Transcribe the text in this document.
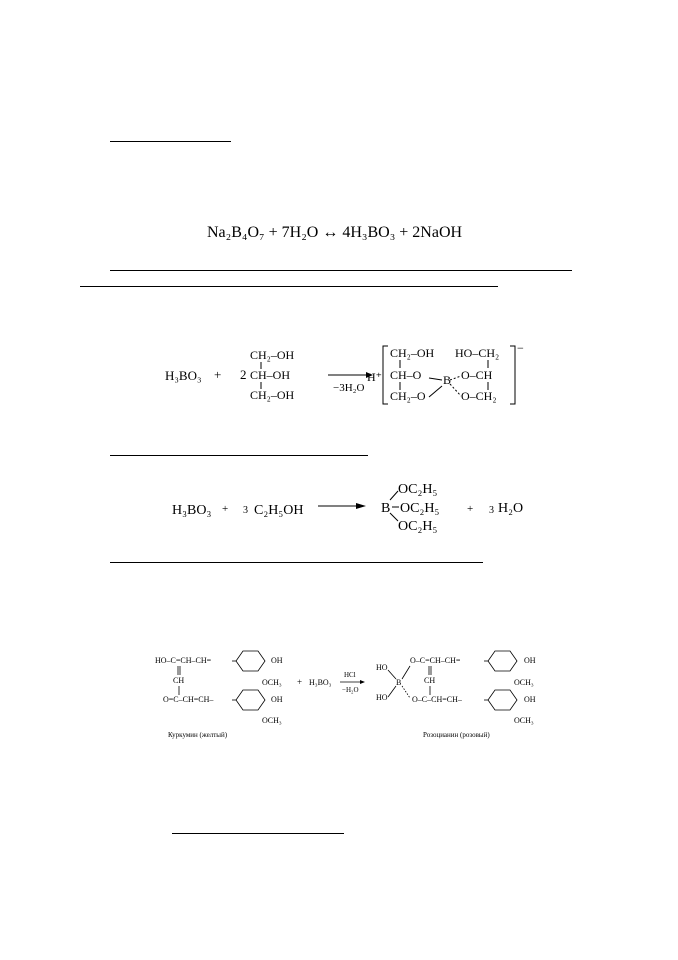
Na₂B₄O₇ + 7H₂O ↔ 4H₃BO₃ + 2NaOH
H₃BO₃ + 2
CH₂–OH
CH–OH
CH₂–OH	−3H₂O
H⁺
−
CH₂–OH
CH–O
CH₂–O
B
HO–CH₂
O–CH
O–CH₂
H₃BO₃ + 3 C₂H₅OH	B
OC₂H₅
OC₂H₅
OC₂H₅
+ 3 H₂O
HO–C=CH–CH=
CH
O=C–CH=CH–
OH
OCH₃
OH
OCH₃
+ H₃BO₃
HCl
−H₂O
HO
HO
B
O–C=CH–CH=
CH
O–C–CH=CH–
OH
OCH₃
OH
OCH₃
Куркумин (желтый)	Розоцианин (розовый)
